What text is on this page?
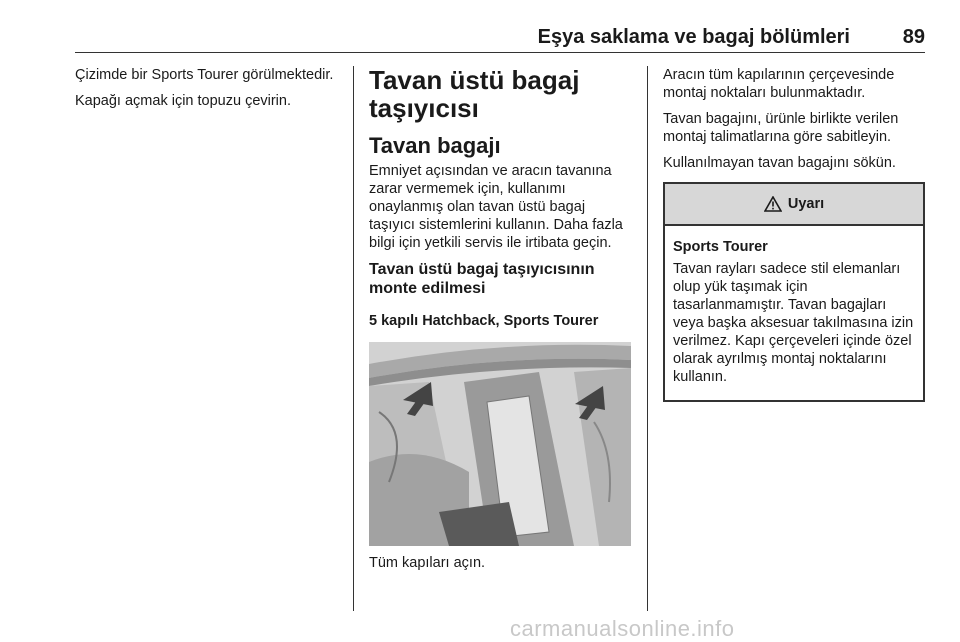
Eşya saklama ve bagaj bölümleri	89

Çizimde bir Sports Tourer görülmektedir.

Kapağı açmak için topuzu çevirin.

Tavan üstü bagaj taşıyıcısı
Tavan bagajı

Emniyet açısından ve aracın tavanına zarar vermemek için, kullanımı onaylanmış olan tavan üstü bagaj taşıyıcı sistemlerini kullanın. Daha fazla bilgi için yetkili servis ile irtibata geçin.

Tavan üstü bagaj taşıyıcısının monte edilmesi
5 kapılı Hatchback, Sports Tourer

Tüm kapıları açın.

Aracın tüm kapılarının çerçevesinde montaj noktaları bulunmaktadır.

Tavan bagajını, ürünle birlikte verilen montaj talimatlarına göre sabitleyin.

Kullanılmayan tavan bagajını sökün.

Uyarı
Sports Tourer

Tavan rayları sadece stil elemanları olup yük taşımak için tasarlanmamıştır. Tavan bagajları veya başka aksesuar takılmasına izin verilmez. Kapı çerçeveleri içinde özel olarak ayrılmış montaj noktalarını kullanın.

carmanualsonline.info
